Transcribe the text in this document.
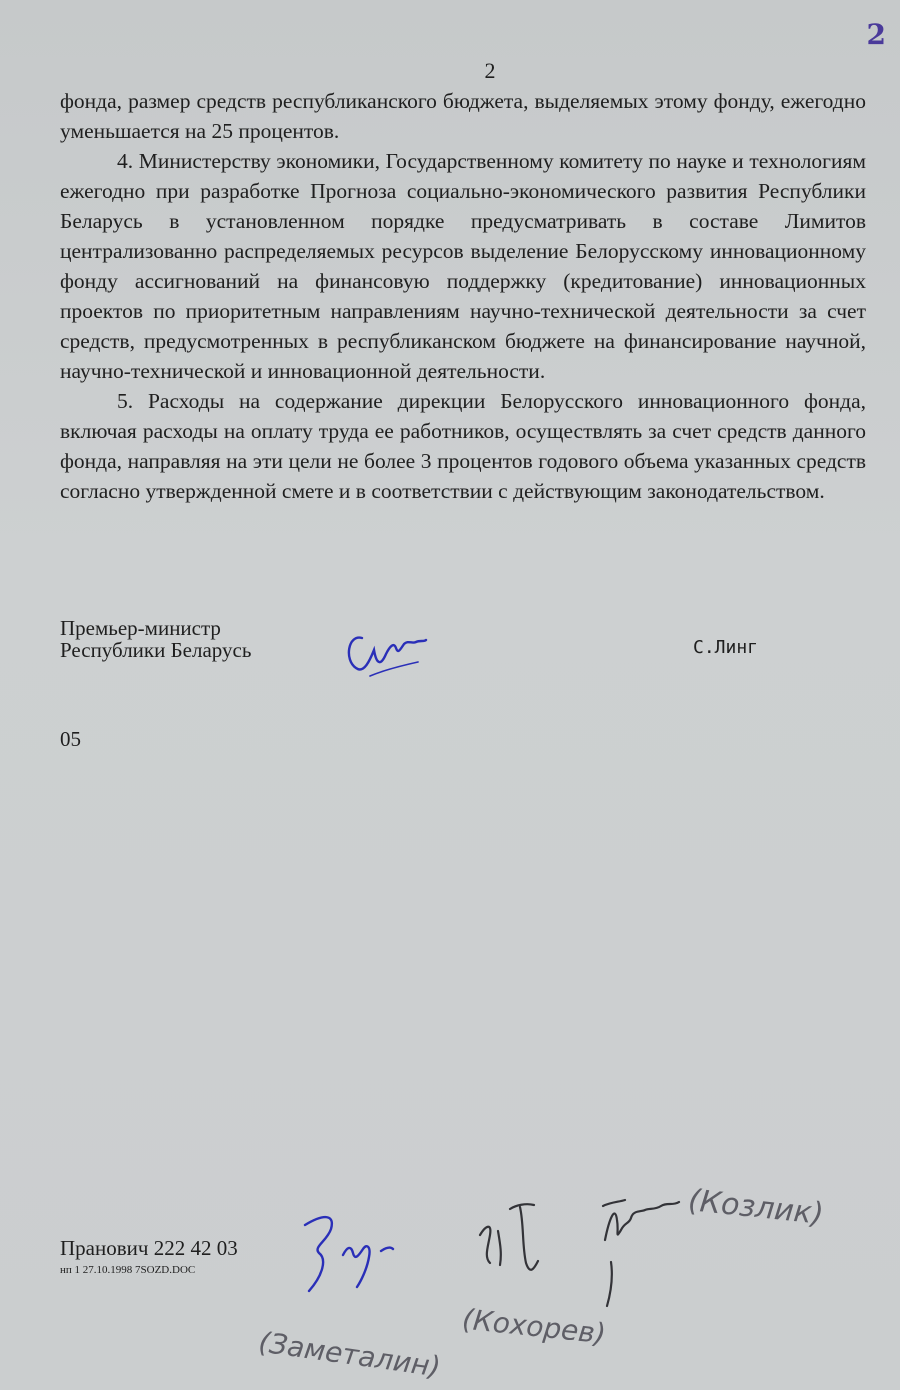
2
2

фонда, размер средств республиканского бюджета, выделяемых этому фонду, ежегодно уменьшается на 25 процентов.

4. Министерству экономики, Государственному комитету по науке и технологиям ежегодно при разработке Прогноза социально-экономического развития Республики Беларусь в установленном порядке предусматривать в составе Лимитов централизованно распределяемых ресурсов выделение Белорусскому инновационному фонду ассигнований на финансовую поддержку (кредитование) инновационных проектов по приоритетным направлениям научно-технической деятельности за счет средств, предусмотренных в республиканском бюджете на финансирование научной, научно-технической и инновационной деятельности.

5. Расходы на содержание дирекции Белорусского инновационного фонда, включая расходы на оплату труда ее работников, осуществлять за счет средств данного фонда, направляя на эти цели не более 3 процентов годового объема указанных средств согласно утвержденной смете и в соответствии с действующим законодательством.

Премьер-министр
Республики Беларусь	С.Линг
05
Пранович 222 42 03
нп 1 27.10.1998 7SOZD.DOC
(Козлик)
(Заметалин) (Кохорев)
